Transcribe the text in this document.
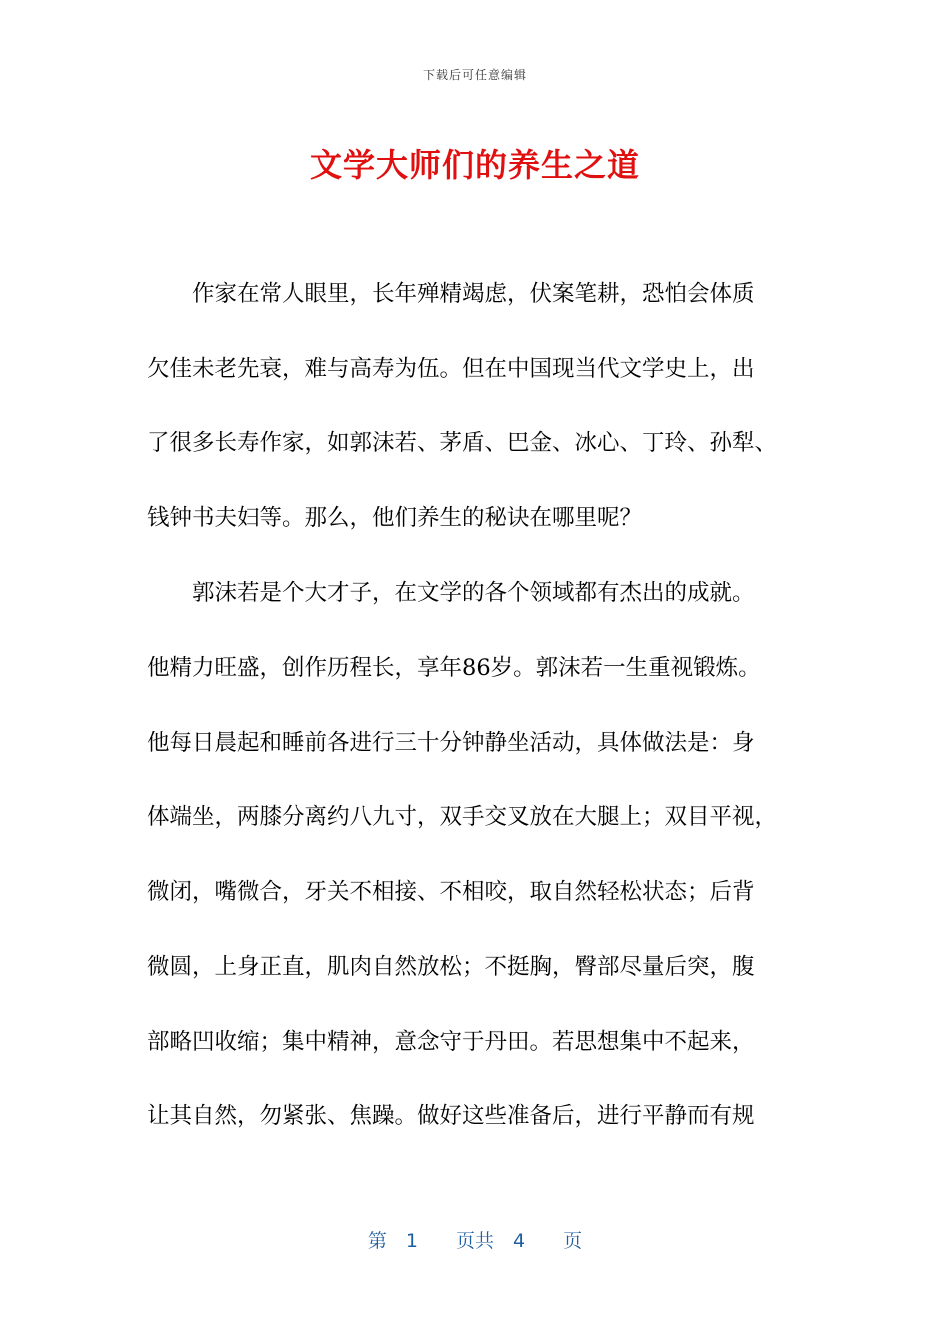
下载后可任意编辑
文学大师们的养生之道
　　作家在常人眼里，长年殚精竭虑，伏案笔耕，恐怕会体质
欠佳未老先衰，难与高寿为伍。但在中国现当代文学史上，出
了很多长寿作家，如郭沫若、茅盾、巴金、冰心、丁玲、孙犁、
钱钟书夫妇等。那么，他们养生的秘诀在哪里呢？
　　郭沫若是个大才子，在文学的各个领域都有杰出的成就。
他精力旺盛，创作历程长，享年86岁。郭沫若一生重视锻炼。
他每日晨起和睡前各进行三十分钟静坐活动，具体做法是：身
体端坐，两膝分离约八九寸，双手交叉放在大腿上；双目平视，
微闭，嘴微合，牙关不相接、不相咬，取自然轻松状态；后背
微圆，上身正直，肌肉自然放松；不挺胸，臀部尽量后突，腹
部略凹收缩；集中精神，意念守于丹田。若思想集中不起来，
让其自然，勿紧张、焦躁。做好这些准备后，进行平静而有规
第　1　　页共　4　　页
